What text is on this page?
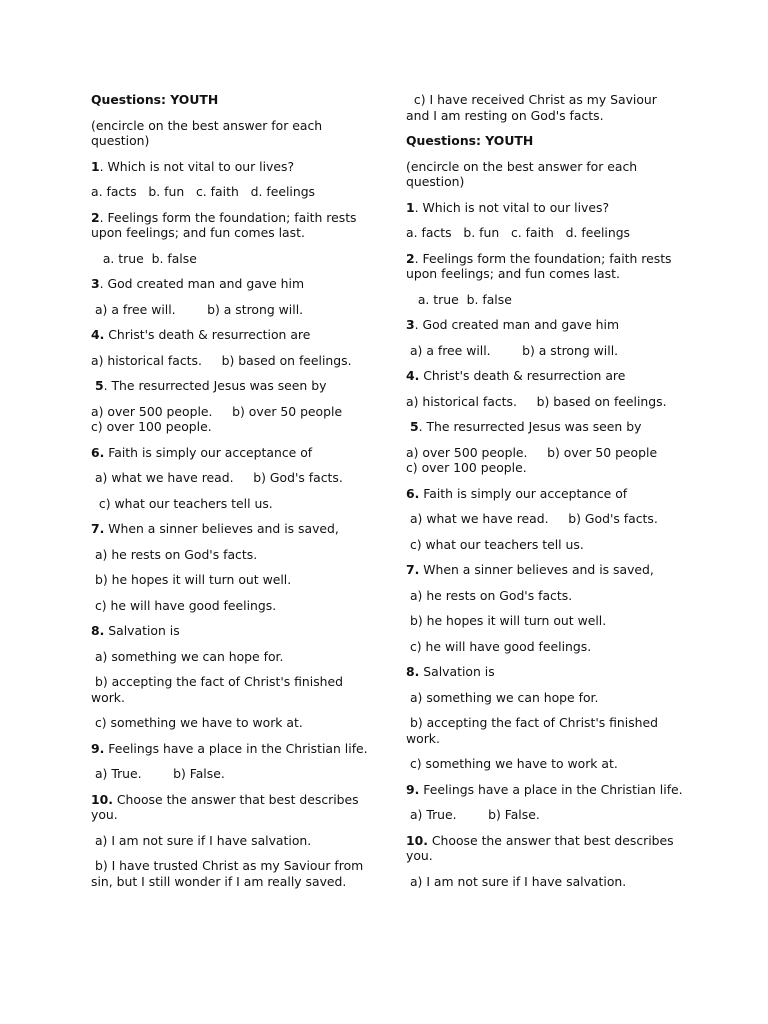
Questions: YOUTH
(encircle on the best answer for each question)
1. Which is not vital to our lives?
a. facts   b. fun   c. faith   d. feelings
2. Feelings form the foundation; faith rests upon feelings; and fun comes last.
a. true  b. false
3. God created man and gave him
a) a free will.        b) a strong will.
4. Christ's death & resurrection are
a) historical facts.     b) based on feelings.
5. The resurrected Jesus was seen by
a) over 500 people.     b) over 50 people      c) over 100 people.
6. Faith is simply our acceptance of
a) what we have read.     b) God's facts.
c) what our teachers tell us.
7. When a sinner believes and is saved,
a) he rests on God's facts.
b) he hopes it will turn out well.
c) he will have good feelings.
8. Salvation is
a) something we can hope for.
b) accepting the fact of Christ's finished work.
c) something we have to work at.
9. Feelings have a place in the Christian life.
a) True.        b) False.
10. Choose the answer that best describes you.
a) I am not sure if I have salvation.
b) I have trusted Christ as my Saviour from sin, but I still wonder if I am really saved.
c) I have received Christ as my Saviour and I am resting on God's facts.
Questions: YOUTH
(encircle on the best answer for each question)
1. Which is not vital to our lives?
a. facts   b. fun   c. faith   d. feelings
2. Feelings form the foundation; faith rests upon feelings; and fun comes last.
a. true  b. false
3. God created man and gave him
a) a free will.        b) a strong will.
4. Christ's death & resurrection are
a) historical facts.     b) based on feelings.
5. The resurrected Jesus was seen by
a) over 500 people.     b) over 50 people      c) over 100 people.
6. Faith is simply our acceptance of
a) what we have read.     b) God's facts.
c) what our teachers tell us.
7. When a sinner believes and is saved,
a) he rests on God's facts.
b) he hopes it will turn out well.
c) he will have good feelings.
8. Salvation is
a) something we can hope for.
b) accepting the fact of Christ's finished work.
c) something we have to work at.
9. Feelings have a place in the Christian life.
a) True.        b) False.
10. Choose the answer that best describes you.
a) I am not sure if I have salvation.
